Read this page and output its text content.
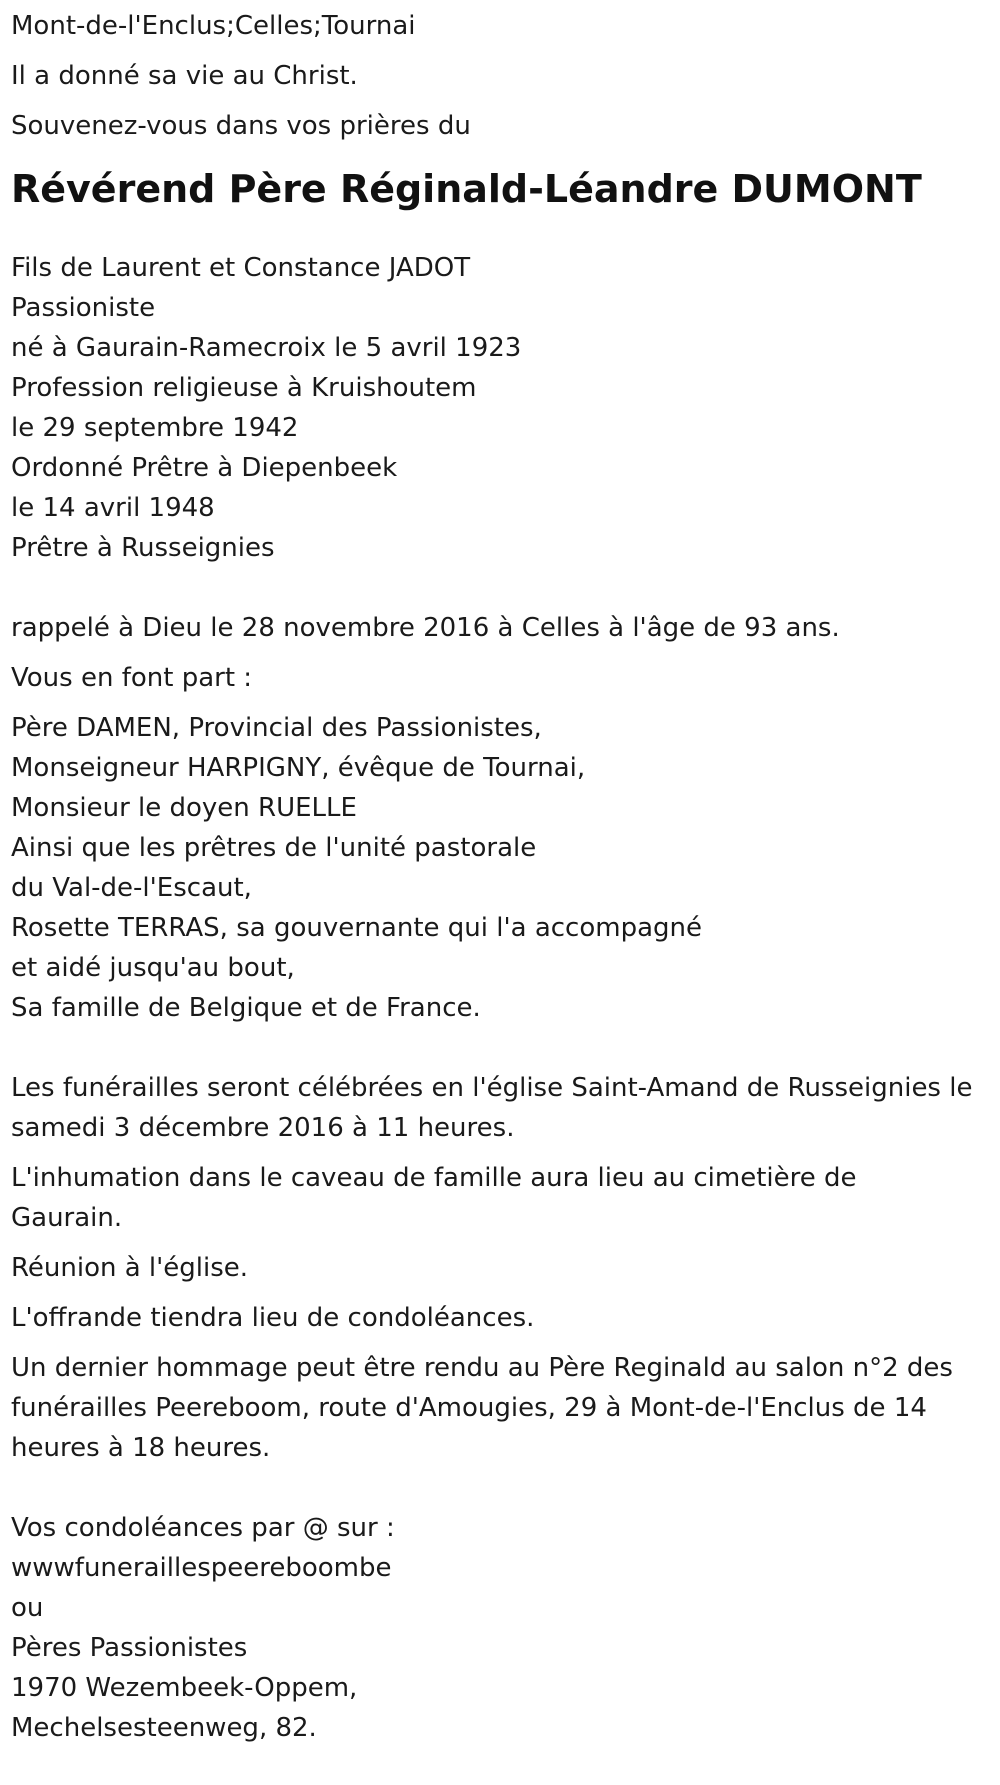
Mont-de-l'Enclus;Celles;Tournai
Il a donné sa vie au Christ.
Souvenez-vous dans vos prières du
Révérend Père Réginald-Léandre DUMONT
Fils de Laurent et Constance JADOT
Passioniste
né à Gaurain-Ramecroix le 5 avril 1923
Profession religieuse à Kruishoutem
le 29 septembre 1942
Ordonné Prêtre à Diepenbeek
le 14 avril 1948
Prêtre à Russeignies
rappelé à Dieu le 28 novembre 2016 à Celles à l'âge de 93 ans.
Vous en font part :
Père DAMEN, Provincial des Passionistes,
Monseigneur HARPIGNY, évêque de Tournai,
Monsieur le doyen RUELLE
Ainsi que les prêtres de l'unité pastorale
du Val-de-l'Escaut,
Rosette TERRAS, sa gouvernante qui l'a accompagné
et aidé jusqu'au bout,
Sa famille de Belgique et de France.
Les funérailles seront célébrées en l'église Saint-Amand de Russeignies le
samedi 3 décembre 2016 à 11 heures.
L'inhumation dans le caveau de famille aura lieu au cimetière de
Gaurain.
Réunion à l'église.
L'offrande tiendra lieu de condoléances.
Un dernier hommage peut être rendu au Père Reginald au salon n°2 des
funérailles Peereboom, route d'Amougies, 29 à Mont-de-l'Enclus de 14
heures à 18 heures.
Vos condoléances par @ sur :
wwwfuneraillespeereboombe
ou
Pères Passionistes
1970 Wezembeek-Oppem,
Mechelsesteenweg, 82.
